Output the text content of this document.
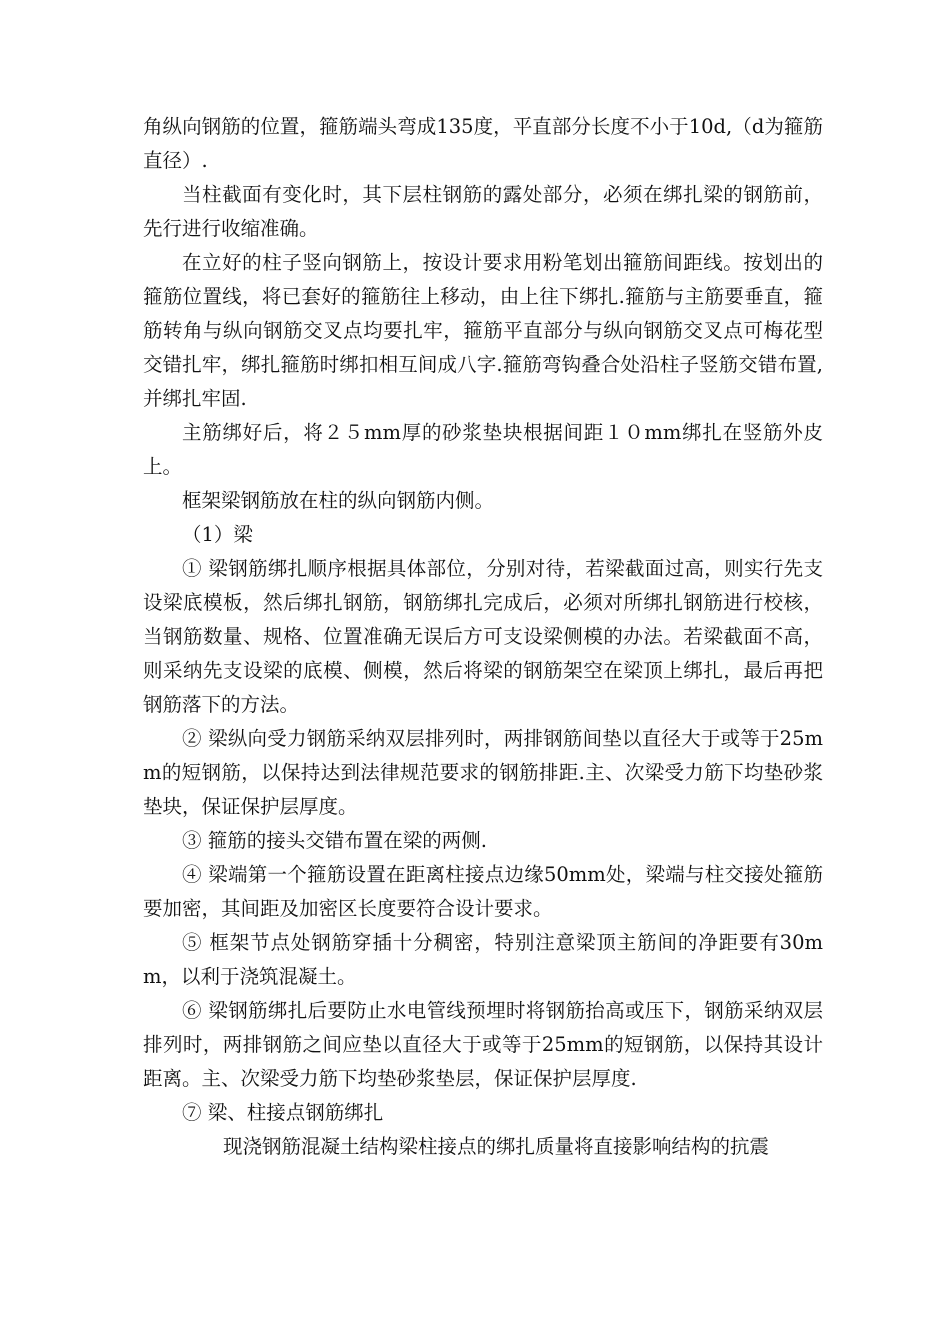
角纵向钢筋的位置，箍筋端头弯成135度，平直部分长度不小于10d,（d为箍筋直径）.

当柱截面有变化时，其下层柱钢筋的露处部分，必须在绑扎梁的钢筋前，先行进行收缩准确。

在立好的柱子竖向钢筋上，按设计要求用粉笔划出箍筋间距线。按划出的箍筋位置线，将已套好的箍筋往上移动，由上往下绑扎.箍筋与主筋要垂直，箍筋转角与纵向钢筋交叉点均要扎牢，箍筋平直部分与纵向钢筋交叉点可梅花型交错扎牢，绑扎箍筋时绑扣相互间成八字.箍筋弯钩叠合处沿柱子竖筋交错布置,并绑扎牢固.

主筋绑好后，将２５mm厚的砂浆垫块根据间距１０mm绑扎在竖筋外皮上。

框架梁钢筋放在柱的纵向钢筋内侧。

（1）梁

① 梁钢筋绑扎顺序根据具体部位，分别对待，若梁截面过高，则实行先支设梁底模板，然后绑扎钢筋，钢筋绑扎完成后，必须对所绑扎钢筋进行校核，当钢筋数量、规格、位置准确无误后方可支设梁侧模的办法。若梁截面不高，则采纳先支设梁的底模、侧模，然后将梁的钢筋架空在梁顶上绑扎，最后再把钢筋落下的方法。

② 梁纵向受力钢筋采纳双层排列时，两排钢筋间垫以直径大于或等于25mm的短钢筋，以保持达到法律规范要求的钢筋排距.主、次梁受力筋下均垫砂浆垫块，保证保护层厚度。

③ 箍筋的接头交错布置在梁的两侧.

④ 梁端第一个箍筋设置在距离柱接点边缘50mm处，梁端与柱交接处箍筋要加密，其间距及加密区长度要符合设计要求。

⑤ 框架节点处钢筋穿插十分稠密，特别注意梁顶主筋间的净距要有30mm，以利于浇筑混凝土。

⑥ 梁钢筋绑扎后要防止水电管线预埋时将钢筋抬高或压下，钢筋采纳双层排列时，两排钢筋之间应垫以直径大于或等于25mm的短钢筋，以保持其设计距离。主、次梁受力筋下均垫砂浆垫层，保证保护层厚度.

⑦ 梁、柱接点钢筋绑扎

现浇钢筋混凝土结构梁柱接点的绑扎质量将直接影响结构的抗震
